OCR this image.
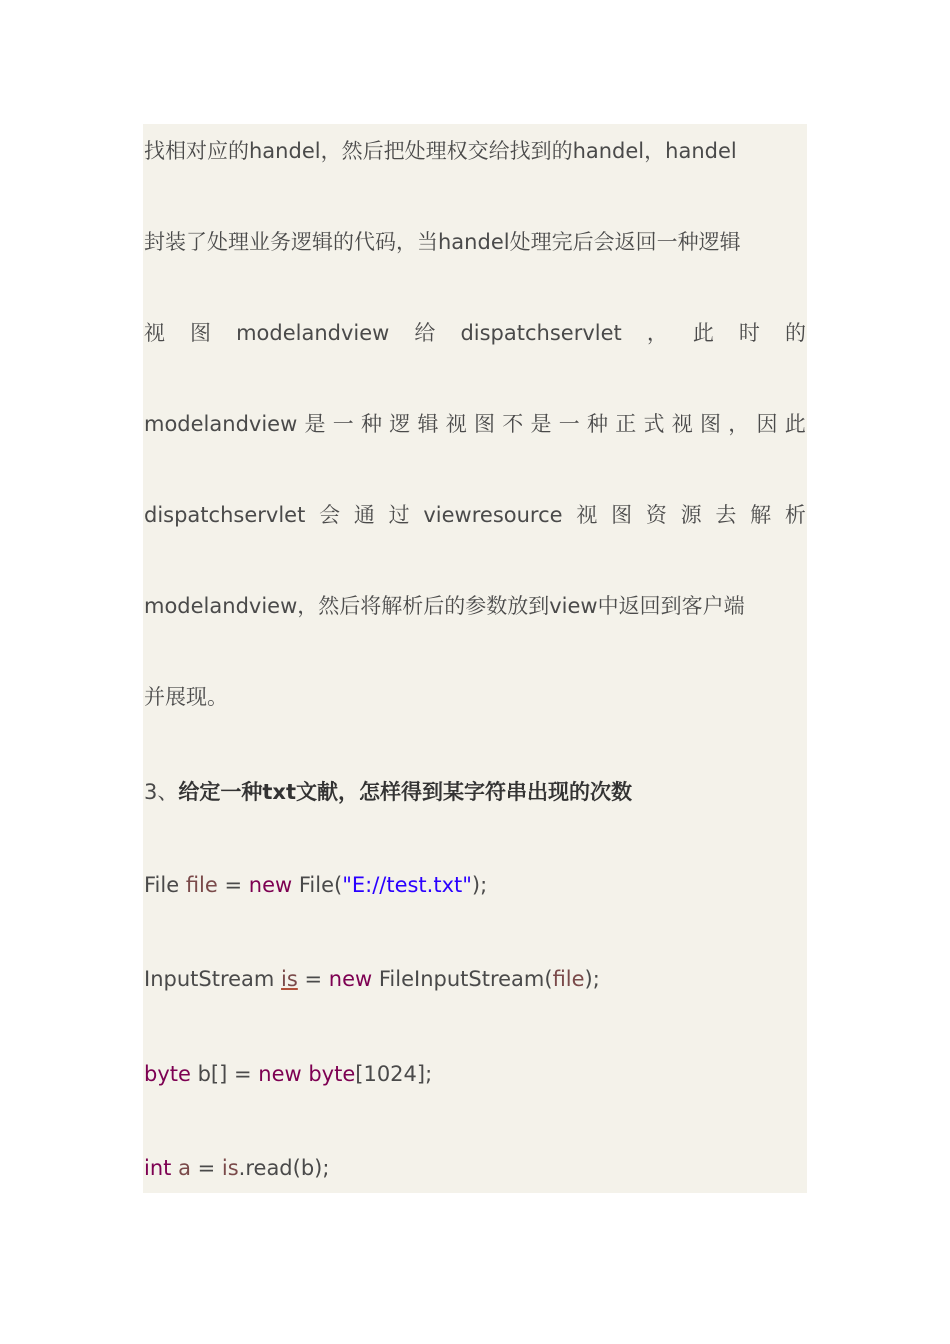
找相对应的handel，然后把处理权交给找到的handel，handel
封装了处理业务逻辑的代码，当handel处理完后会返回一种逻辑
视 图 modelandview 给 dispatchservlet ， 此 时 的
modelandview 是 一 种 逻 辑 视 图 不 是 一 种 正 式 视 图 ， 因 此
dispatchservlet 会 通 过 viewresource 视 图 资 源 去 解 析
modelandview，然后将解析后的参数放到view中返回到客户端
并展现。
3、给定一种txt文献，怎样得到某字符串出现的次数
File file = new File("E://test.txt");
InputStream is = new FileInputStream(file);
byte b[] = new byte[1024];
int a = is.read(b);
